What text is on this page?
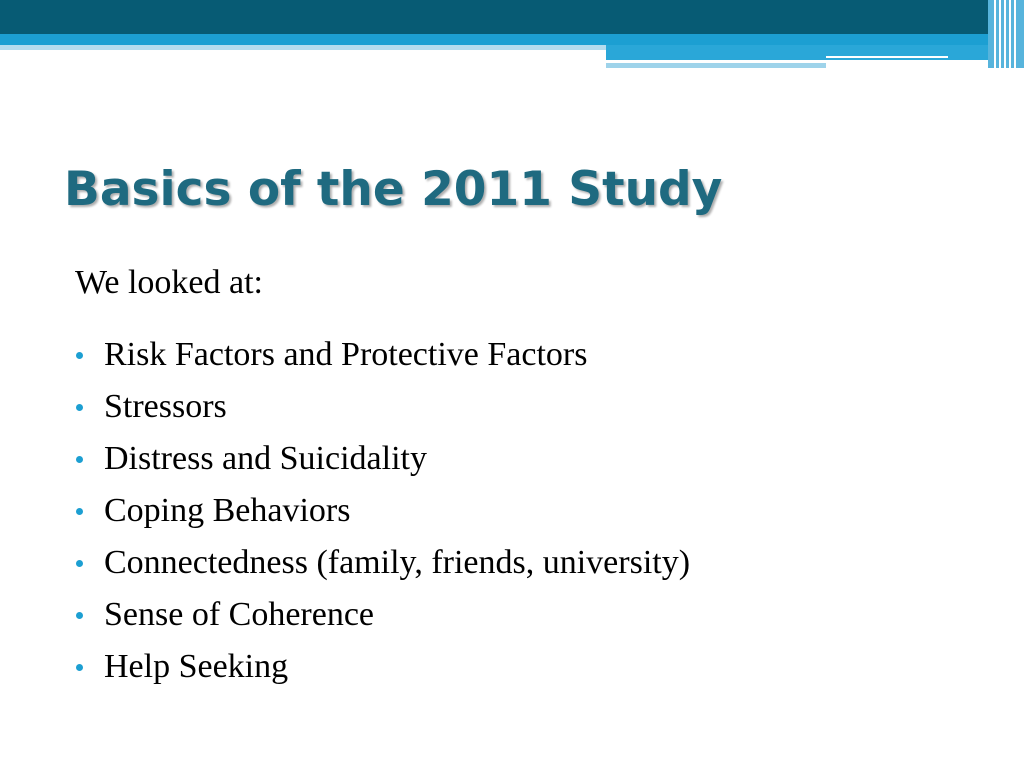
Basics of the 2011 Study
We looked at:
Risk Factors and Protective Factors
Stressors
Distress and Suicidality
Coping Behaviors
Connectedness (family, friends, university)
Sense of Coherence
Help Seeking
